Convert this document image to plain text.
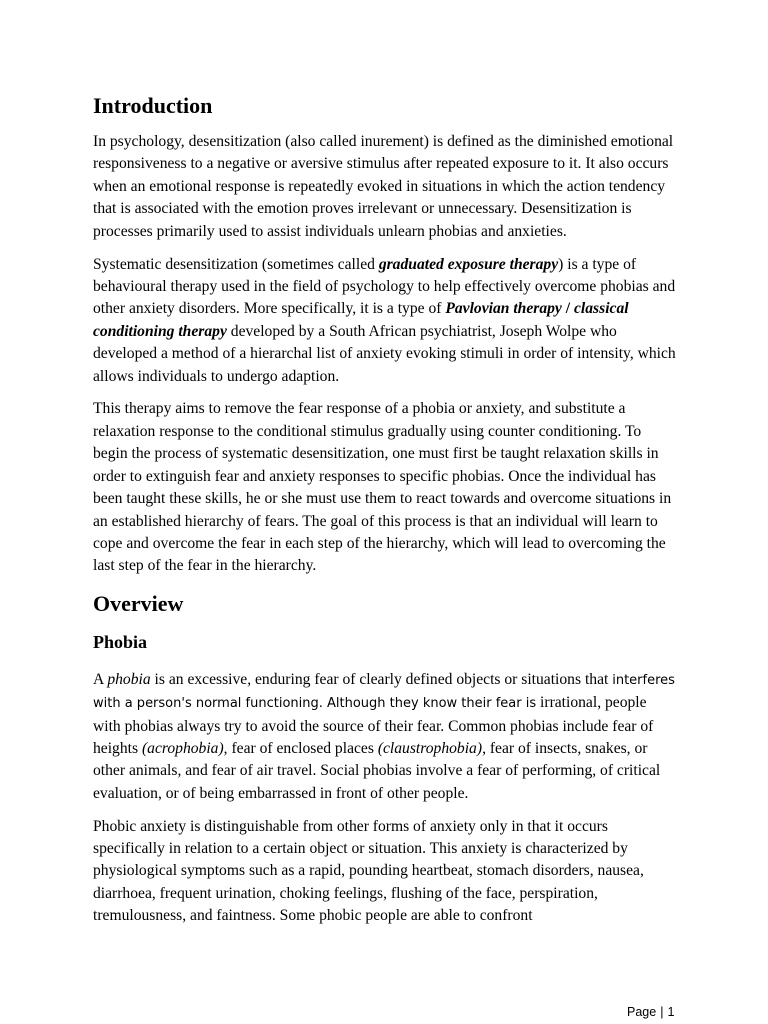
Introduction

In psychology, desensitization (also called inurement) is defined as the diminished emotional responsiveness to a negative or aversive stimulus after repeated exposure to it. It also occurs when an emotional response is repeatedly evoked in situations in which the action tendency that is associated with the emotion proves irrelevant or unnecessary. Desensitization is processes primarily used to assist individuals unlearn phobias and anxieties.

Systematic desensitization (sometimes called graduated exposure therapy) is a type of behavioural therapy used in the field of psychology to help effectively overcome phobias and other anxiety disorders. More specifically, it is a type of Pavlovian therapy / classical conditioning therapy developed by a South African psychiatrist, Joseph Wolpe who developed a method of a hierarchal list of anxiety evoking stimuli in order of intensity, which allows individuals to undergo adaption.

This therapy aims to remove the fear response of a phobia or anxiety, and substitute a relaxation response to the conditional stimulus gradually using counter conditioning. To begin the process of systematic desensitization, one must first be taught relaxation skills in order to extinguish fear and anxiety responses to specific phobias. Once the individual has been taught these skills, he or she must use them to react towards and overcome situations in an established hierarchy of fears. The goal of this process is that an individual will learn to cope and overcome the fear in each step of the hierarchy, which will lead to overcoming the last step of the fear in the hierarchy.

Overview
Phobia

A phobia is an excessive, enduring fear of clearly defined objects or situations that interferes with a person's normal functioning. Although they know their fear is irrational, people with phobias always try to avoid the source of their fear. Common phobias include fear of heights (acrophobia), fear of enclosed places (claustrophobia), fear of insects, snakes, or other animals, and fear of air travel. Social phobias involve a fear of performing, of critical evaluation, or of being embarrassed in front of other people.

Phobic anxiety is distinguishable from other forms of anxiety only in that it occurs specifically in relation to a certain object or situation. This anxiety is characterized by physiological symptoms such as a rapid, pounding heartbeat, stomach disorders, nausea, diarrhoea, frequent urination, choking feelings, flushing of the face, perspiration, tremulousness, and faintness. Some phobic people are able to confront

Page | 1
